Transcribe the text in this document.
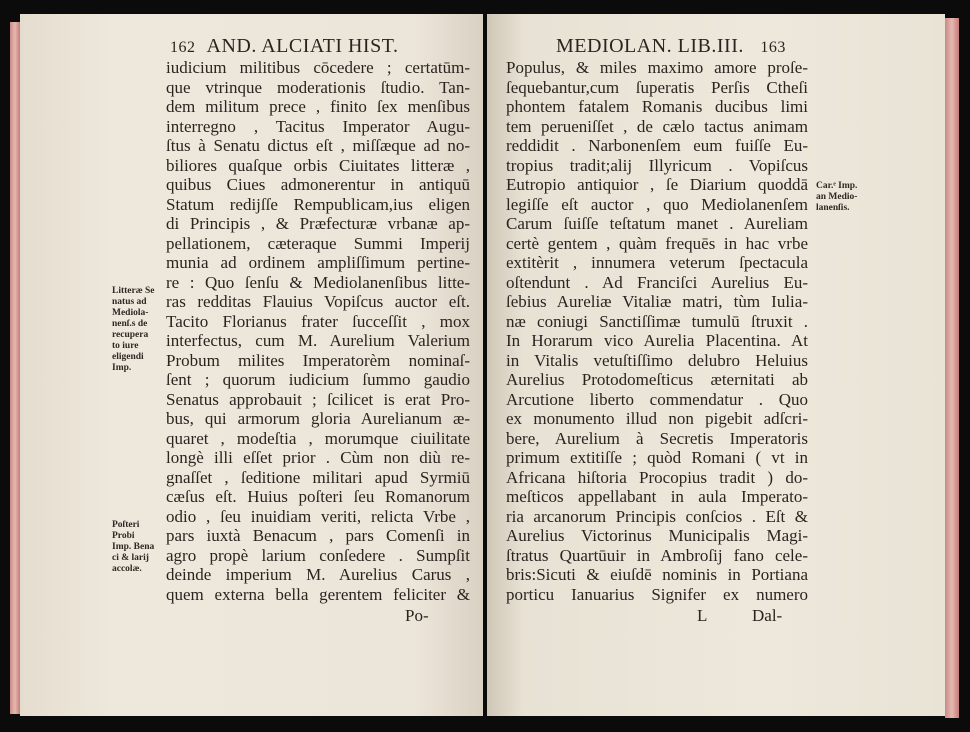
162 AND. ALCIATI HIST.
iudicium militibus cōcedere ; certatūm-
que vtrinque moderationis ſtudio. Tan-
dem militum prece , finito ſex menſibus
interregno , Tacitus Imperator Augu-
ſtus à Senatu dictus eſt , miſſæque ad no-
biliores quaſque orbis Ciuitates litteræ ,
quibus Ciues admonerentur in antiquū
Statum rediјſſe Rempublicam,ius eligen
di Principis , & Præfecturæ vrbanæ ap-
pellationem, cæteraque Summi Imperij
munia ad ordinem ampliſſimum pertine-
re : Quo ſenſu & Mediolanenſibus litte-
ras redditas Flauius Vopiſcus auctor eſt.
Tacito Florianus frater ſucceſſit , mox
interfectus, cum M. Aurelium Valerium
Probum milites Imperatorèm nominaſ-
ſent ; quorum iudicium ſummo gaudio
Senatus approbauit ; ſcilicet is erat Pro-
bus, qui armorum gloria Aurelianum æ-
quaret , modeſtia , morumque ciuilitate
longè illi eſſet prior . Cùm non diù re-
gnaſſet , ſeditione militari apud Syrmiū
cæſus eſt. Huius poſteri ſeu Romanorum
odio , ſeu inuidiam veriti, relicta Vrbe ,
pars iuxtà Benacum , pars Comenſi in
agro propè larium conſedere . Sumpſit
deinde imperium M. Aurelius Carus ,
quem externa bella gerentem feliciter &
Po-
Litteræ Se
natus ad
Mediola-
nenſ.s de
recupera
to iure
eligendi
Imp.
Poſteri
Probi
Imp. Bena
ci & larij
accolæ.
MEDIOLAN. LIB.III. 163
Populus, & miles maximo amore proſe-
ſequebantur,cum ſuperatis Perſis Ctheſi
phontem fatalem Romanis ducibus limi
tem perueniſſet , de cælo tactus animam
reddidit . Narbonenſem eum fuiſſe Eu-
tropius tradit;alij Illyricum . Vopiſcus
Eutropio antiquior , ſe Diarium quoddā
legiſſe eſt auctor , quo Mediolanenſem
Carum ſuiſſe teſtatum manet . Aureliam
certè gentem , quàm frequēs in hac vrbe
extitèrit , innumera veterum ſpectacula
oſtendunt . Ad Franciſci Aurelius Eu-
ſebius Aureliæ Vitaliæ matri, tùm Iulia-
næ coniugi Sanctiſſimæ tumulū ſtruxit .
In Horarum vico Aurelia Placentina. At
in Vitalis vetuſtiſſimo delubro Heluius
Aurelius Protodomeſticus æternitati ab
Arcutione liberto commendatur . Quo
ex monumento illud non pigebit adſcri-
bere, Aurelium à Secretis Imperatoris
primum extitiſſe ; quòd Romani ( vt in
Africana hiſtoria Procopius tradit ) do-
meſticos appellabant in aula Imperato-
ria arcanorum Principis conſcios . Eſt &
Aurelius Victorinus Municipalis Magi-
ſtratus Quartūuir in Ambroſij fano cele-
bris:Sicuti & eiuſdē nominis in Portiana
porticu Ianuarius Signifer ex numero
L	Dal-
Car.ᵉ Imp.
an Medio-
lanenſis.
